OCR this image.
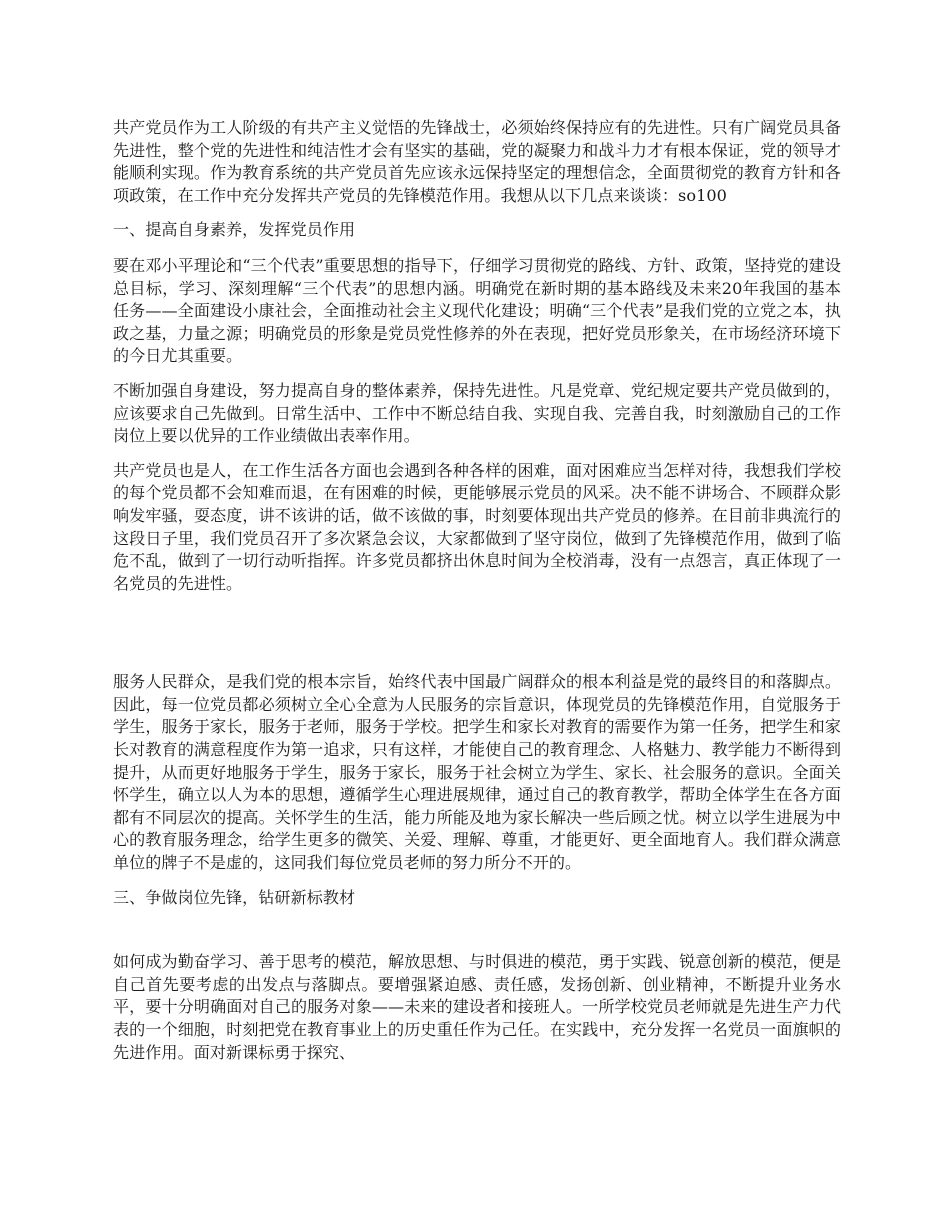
共产党员作为工人阶级的有共产主义觉悟的先锋战士，必须始终保持应有的先进性。只有广阔党员具备先进性，整个党的先进性和纯洁性才会有坚实的基础，党的凝聚力和战斗力才有根本保证，党的领导才能顺利实现。作为教育系统的共产党员首先应该永远保持坚定的理想信念，全面贯彻党的教育方针和各项政策，在工作中充分发挥共产党员的先锋模范作用。我想从以下几点来谈谈：so100

一、提高自身素养，发挥党员作用

要在邓小平理论和“三个代表”重要思想的指导下，仔细学习贯彻党的路线、方针、政策，坚持党的建设总目标，学习、深刻理解“三个代表”的思想内涵。明确党在新时期的基本路线及未来20年我国的基本任务——全面建设小康社会，全面推动社会主义现代化建设；明确“三个代表”是我们党的立党之本，执政之基，力量之源；明确党员的形象是党员党性修养的外在表现，把好党员形象关，在市场经济环境下的今日尤其重要。

不断加强自身建设，努力提高自身的整体素养，保持先进性。凡是党章、党纪规定要共产党员做到的，应该要求自己先做到。日常生活中、工作中不断总结自我、实现自我、完善自我，时刻激励自己的工作岗位上要以优异的工作业绩做出表率作用。

共产党员也是人，在工作生活各方面也会遇到各种各样的困难，面对困难应当怎样对待，我想我们学校的每个党员都不会知难而退，在有困难的时候，更能够展示党员的风采。决不能不讲场合、不顾群众影响发牢骚，耍态度，讲不该讲的话，做不该做的事，时刻要体现出共产党员的修养。在目前非典流行的这段日子里，我们党员召开了多次紧急会议，大家都做到了坚守岗位，做到了先锋模范作用，做到了临危不乱，做到了一切行动听指挥。许多党员都挤出休息时间为全校消毒，没有一点怨言，真正体现了一名党员的先进性。

服务人民群众，是我们党的根本宗旨，始终代表中国最广阔群众的根本利益是党的最终目的和落脚点。因此，每一位党员都必须树立全心全意为人民服务的宗旨意识，体现党员的先锋模范作用，自觉服务于学生，服务于家长，服务于老师，服务于学校。把学生和家长对教育的需要作为第一任务，把学生和家长对教育的满意程度作为第一追求，只有这样，才能使自己的教育理念、人格魅力、教学能力不断得到提升，从而更好地服务于学生，服务于家长，服务于社会树立为学生、家长、社会服务的意识。全面关怀学生，确立以人为本的思想，遵循学生心理进展规律，通过自己的教育教学，帮助全体学生在各方面都有不同层次的提高。关怀学生的生活，能力所能及地为家长解决一些后顾之忧。树立以学生进展为中心的教育服务理念，给学生更多的微笑、关爱、理解、尊重，才能更好、更全面地育人。我们群众满意单位的牌子不是虚的，这同我们每位党员老师的努力所分不开的。

三、争做岗位先锋，钻研新标教材

如何成为勤奋学习、善于思考的模范，解放思想、与时俱进的模范，勇于实践、锐意创新的模范，便是自己首先要考虑的出发点与落脚点。要增强紧迫感、责任感，发扬创新、创业精神，不断提升业务水平，要十分明确面对自己的服务对象——未来的建设者和接班人。一所学校党员老师就是先进生产力代表的一个细胞，时刻把党在教育事业上的历史重任作为己任。在实践中，充分发挥一名党员一面旗帜的先进作用。面对新课标勇于探究、
